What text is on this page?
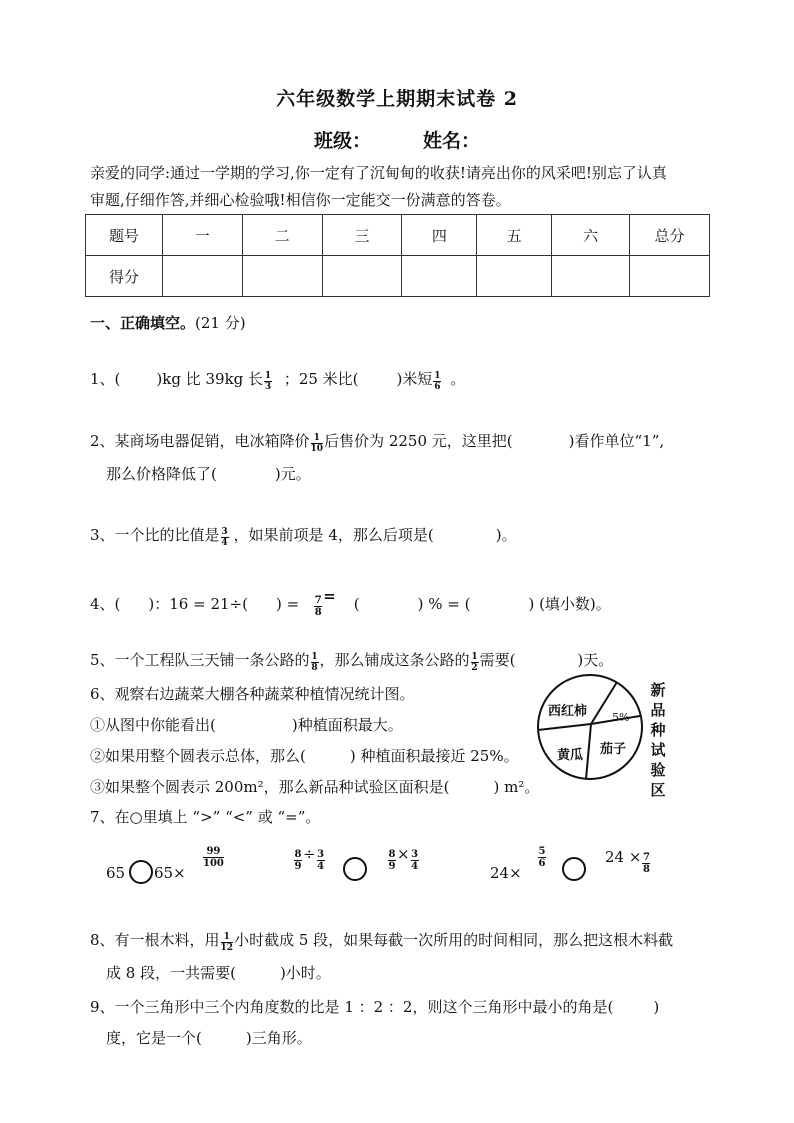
六年级数学上期期末试卷 2
班级：	姓名：
亲爱的同学:通过一学期的学习,你一定有了沉甸甸的收获!请亮出你的风采吧!别忘了认真
审题,仔细作答,并细心检验哦!相信你一定能交一份满意的答卷。
题号	一	二	三	四	五	六	总分
得分							
一、正确填空。(21 分)
1、( )kg 比 39kg 长 $\frac{1}{3}$ ；25 米比(	)米短 $\frac{1}{6}$ 。
2、某商场电器促销，电冰箱降价 $\frac{1}{10}$ 后售价为 2250 元，这里把(	)看作单位“1”,
那么价格降低了(	)元。
3、一个比的比值是 $\frac{3}{4}$ ，如果前项是 4，那么后项是(	)。
4、( )：16 = 21÷( ) = $\frac{7}{8}$ = (	) % = (	) (填小数)。
5、一个工程队三天铺一条公路的 $\frac{1}{8}$ ，那么铺成这条公路的 $\frac{1}{2}$ 需要(	)天。
6、观察右边蔬菜大棚各种蔬菜种植情况统计图。
①从图中你能看出(	)种植面积最大。
②如果用整个圆表示总体，那么(	) 种植面积最接近 25%。
③如果整个圆表示 200m²，那么新品种试验区面积是(	) m²。
西红柿 5%
黄瓜 茄子
新
品
种
试
验
区
7、在○里填上 “>” “<” 或 “=”。
65 65×
$\frac{99}{100}$	$\frac{8}{9} \div \frac{3}{4}$	$\frac{8}{9} \times \frac{3}{4}$
24×
$\frac{5}{6}$	$24 \times \frac{7}{8}$
8、有一根木料，用 $\frac{1}{12}$ 小时截成 5 段，如果每截一次所用的时间相同，那么把这根木料截
成 8 段，一共需要(	)小时。
9、一个三角形中三个内角度数的比是 1 ：2 ：2，则这个三角形中最小的角是(	)
度，它是一个(	)三角形。
